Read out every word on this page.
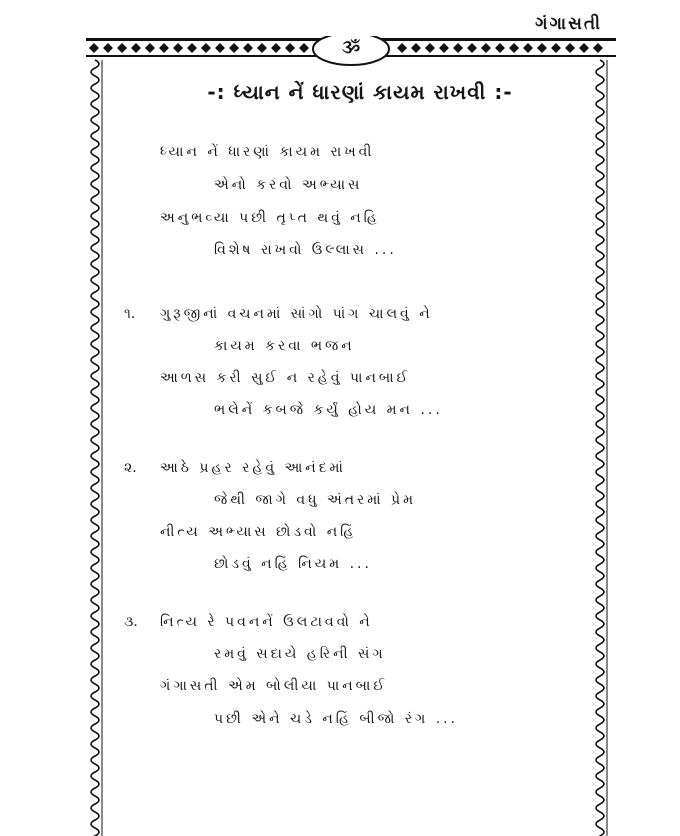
ગંગાસતી
ૐ
-: ધ્યાન નેં ધારણાં કાયમ રાખવી :-
ધ્યાન નેં ધારણાં કાયમ રાખવી
એનો કરવો અભ્યાસ
અનુભવ્યા પછી તૃપ્ત થવું નહિ
વિશેષ રાખવો ઉલ્લાસ ...
૧. ગુરૂજીનાં વચનમાં સાંગો પાંગ ચાલવું ને
કાયમ કરવા ભજન
આળસ કરી સુઈ ન રહેવું પાનબાઈ
ભલેનેં કબજે કર્યું હોય મન ...
૨. આઠે પ્રહર રહેવું આનંદમાં
જેથી જાગે વધુ અંતરમાં પ્રેમ
નીત્ય અભ્યાસ છોડવો નહિં
છોડવું નહિં નિયમ ...
૩. નિત્ય રે પવનનેં ઉલટાવવો ને
રમવું સદાયે હરિની સંગ
ગંગાસતી એમ બોલીયા પાનબાઈ
પછી એને ચડે નહિં બીજો રંગ ...
